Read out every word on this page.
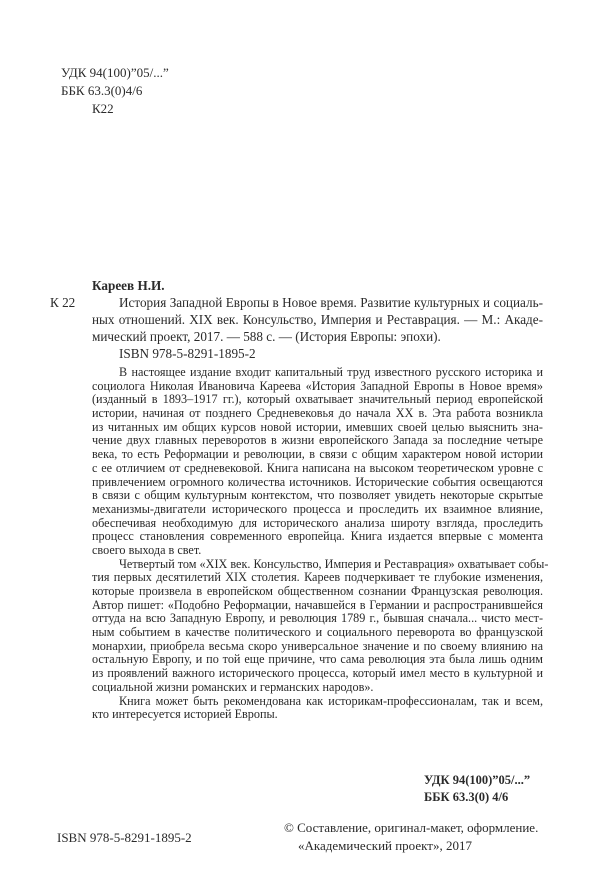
УДК 94(100)”05/...”
ББК 63.3(0)4/6
К22
К 22
Кареев Н.И.
История Западной Европы в Новое время. Развитие культурных и социаль-
ных отношений. XIX век. Консульство, Империя и Реставрация. — М.: Акаде-
мический проект, 2017. — 588 с. — (История Европы: эпохи).
ISBN 978-5-8291-1895-2
В настоящее издание входит капитальный труд известного русского историка и
социолога Николая Ивановича Кареева «История Западной Европы в Новое время»
(изданный в 1893–1917 гг.), который охватывает значительный период европейской
истории, начиная от позднего Средневековья до начала XX в. Эта работа возникла
из читанных им общих курсов новой истории, имевших своей целью выяснить зна-
чение двух главных переворотов в жизни европейского Запада за последние четыре
века, то есть Реформации и революции, в связи с общим характером новой истории
с ее отличием от средневековой. Книга написана на высоком теоретическом уровне с
привлечением огромного количества источников. Исторические события освещаются
в связи с общим культурным контекстом, что позволяет увидеть некоторые скрытые
механизмы-двигатели исторического процесса и проследить их взаимное влияние,
обеспечивая необходимую для исторического анализа широту взгляда, проследить
процесс становления современного европейца. Книга издается впервые с момента
своего выхода в свет.
Четвертый том «XIX век. Консульство, Империя и Реставрация» охватывает собы-
тия первых десятилетий XIX столетия. Кареев подчеркивает те глубокие изменения,
которые произвела в европейском общественном сознании Французская революция.
Автор пишет: «Подобно Реформации, начавшейся в Германии и распространившейся
оттуда на всю Западную Европу, и революция 1789 г., бывшая сначала... чисто мест-
ным событием в качестве политического и социального переворота во французской
монархии, приобрела весьма скоро универсальное значение и по своему влиянию на
остальную Европу, и по той еще причине, что сама революция эта была лишь одним
из проявлений важного исторического процесса, который имел место в культурной и
социальной жизни романских и германских народов».
Книга может быть рекомендована как историкам-профессионалам, так и всем,
кто интересуется историей Европы.
УДК 94(100)”05/...”
ББК 63.3(0) 4/6
ISBN 978-5-8291-1895-2
© Составление, оригинал-макет, оформление.
«Академический проект», 2017
